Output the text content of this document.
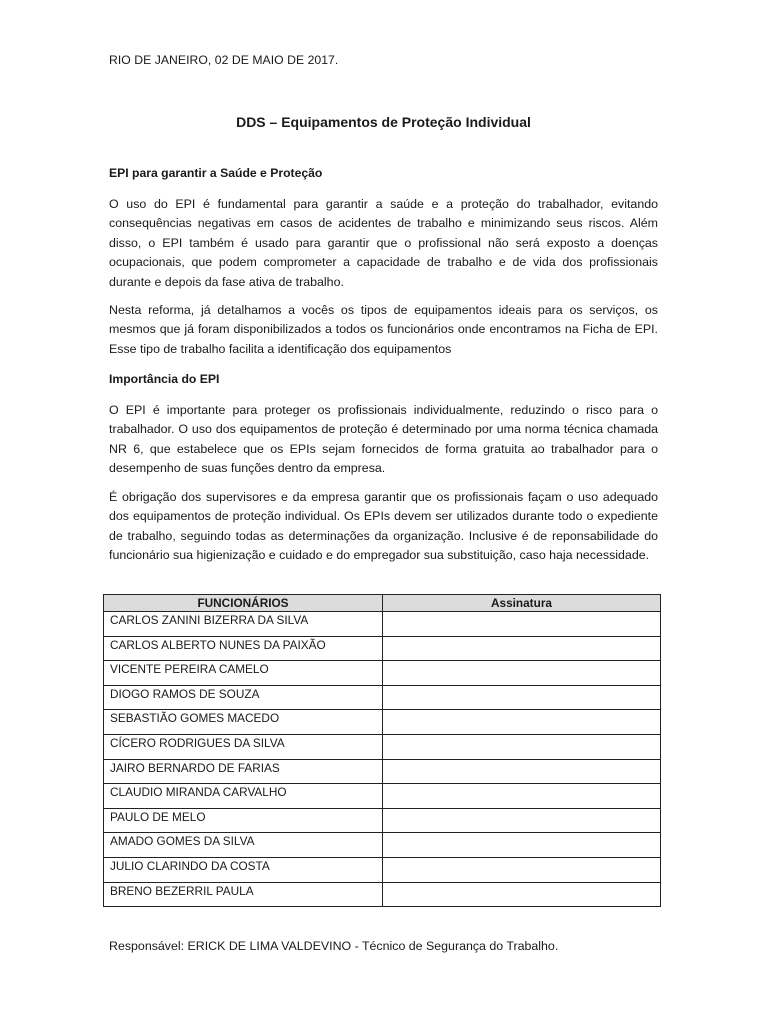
RIO DE JANEIRO, 02 DE MAIO DE 2017.
DDS – Equipamentos de Proteção Individual
EPI para garantir a Saúde e Proteção

O uso do EPI é fundamental para garantir a saúde e a proteção do trabalhador, evitando consequências negativas em casos de acidentes de trabalho e minimizando seus riscos. Além disso, o EPI também é usado para garantir que o profissional não será exposto a doenças ocupacionais, que podem comprometer a capacidade de trabalho e de vida dos profissionais durante e depois da fase ativa de trabalho.

Nesta reforma, já detalhamos a vocês os tipos de equipamentos ideais para os serviços, os mesmos que já foram disponibilizados a todos os funcionários onde encontramos na Ficha de EPI. Esse tipo de trabalho facilita a identificação dos equipamentos

Importância do EPI

O EPI é importante para proteger os profissionais individualmente, reduzindo o risco para o trabalhador. O uso dos equipamentos de proteção é determinado por uma norma técnica chamada NR 6, que estabelece que os EPIs sejam fornecidos de forma gratuita ao trabalhador para o desempenho de suas funções dentro da empresa.

É obrigação dos supervisores e da empresa garantir que os profissionais façam o uso adequado dos equipamentos de proteção individual. Os EPIs devem ser utilizados durante todo o expediente de trabalho, seguindo todas as determinações da organização. Inclusive é de reponsabilidade do funcionário sua higienização e cuidado e do empregador sua substituição, caso haja necessidade.

Responsável: ERICK DE LIMA VALDEVINO - Técnico de Segurança do Trabalho.
FUNCIONÁRIOS	Assinatura
CARLOS ZANINI BIZERRA DA SILVA	
CARLOS ALBERTO NUNES DA PAIXÃO	
VICENTE PEREIRA CAMELO	
DIOGO RAMOS DE SOUZA	
SEBASTIÃO GOMES MACEDO	
CÍCERO RODRIGUES DA SILVA	
JAIRO BERNARDO DE FARIAS	
CLAUDIO MIRANDA CARVALHO	
PAULO DE MELO	
AMADO GOMES DA SILVA	
JULIO CLARINDO DA COSTA	
BRENO BEZERRIL PAULA	
